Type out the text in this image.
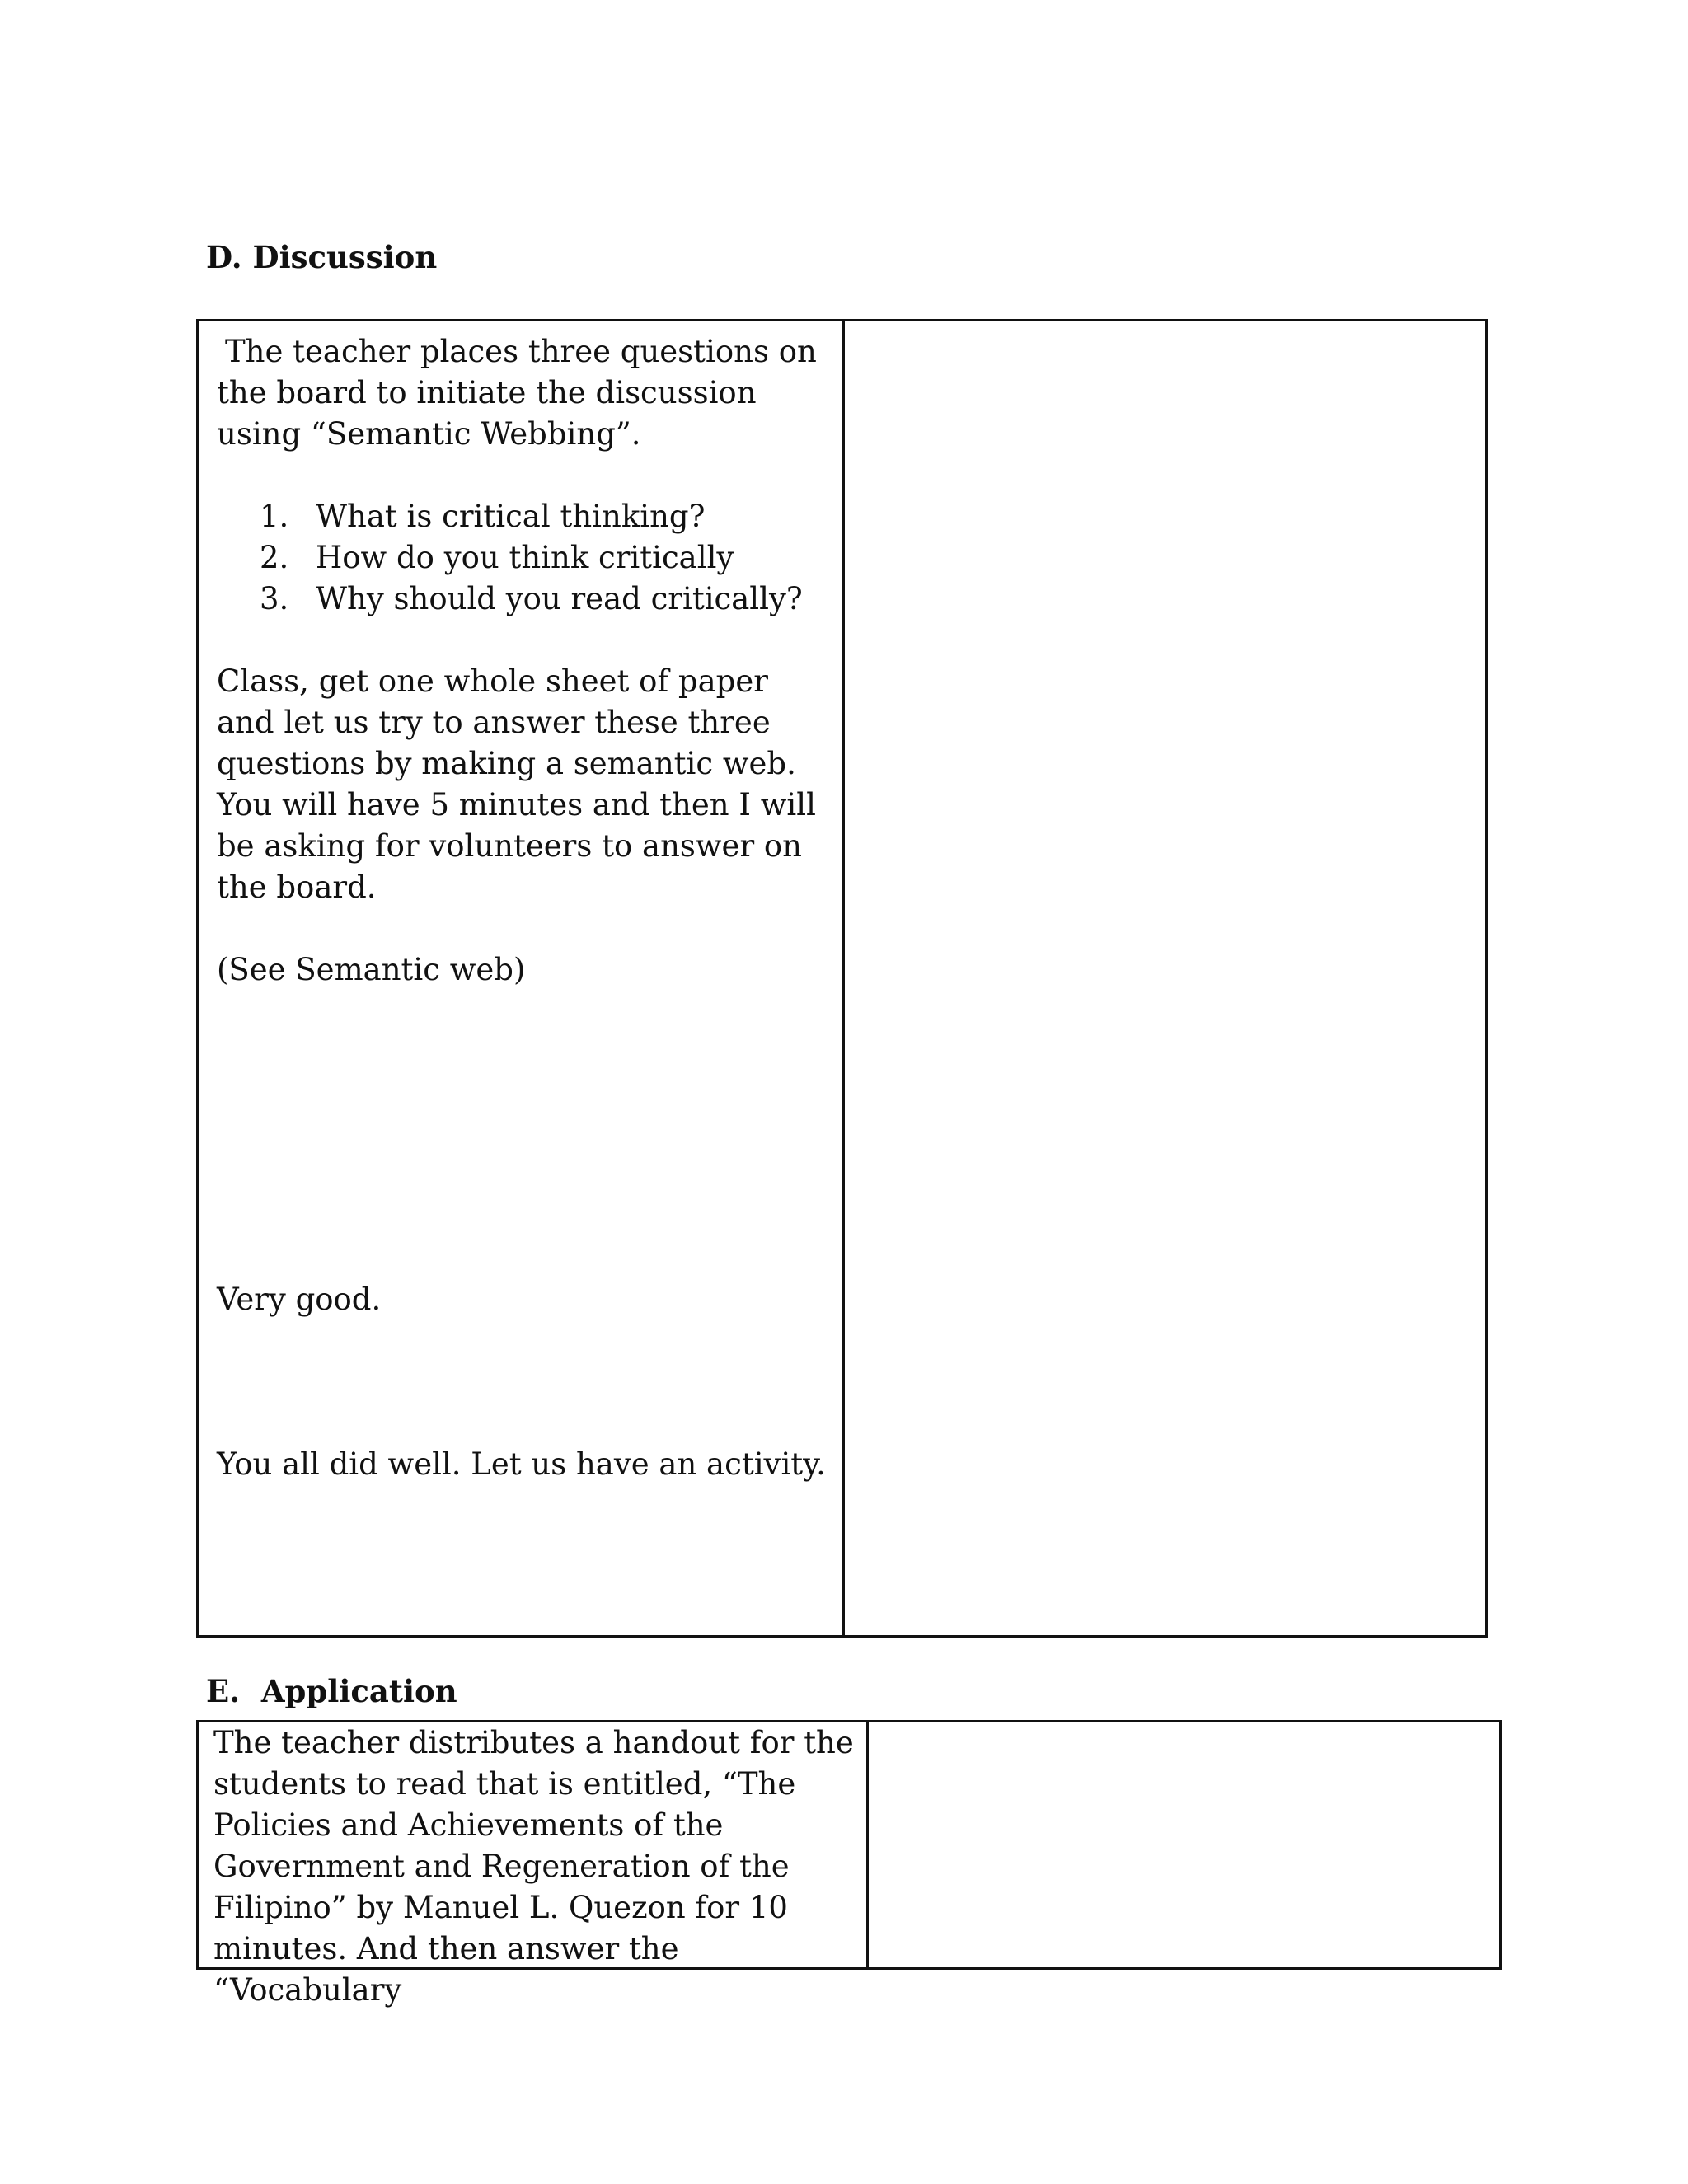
D. Discussion

The teacher places three questions on the board to initiate the discussion using “Semantic Webbing”.

1. What is critical thinking?
2. How do you think critically
3. Why should you read critically?

Class, get one whole sheet of paper and let us try to answer these three questions by making a semantic web. You will have 5 minutes and then I will be asking for volunteers to answer on the board.

(See Semantic web)

Very good.

You all did well. Let us have an activity.

E.  Application

The teacher distributes a handout for the students to read that is entitled, “The Policies and Achievements of the Government and Regeneration of the Filipino” by Manuel L. Quezon for 10 minutes. And then answer the “Vocabulary
